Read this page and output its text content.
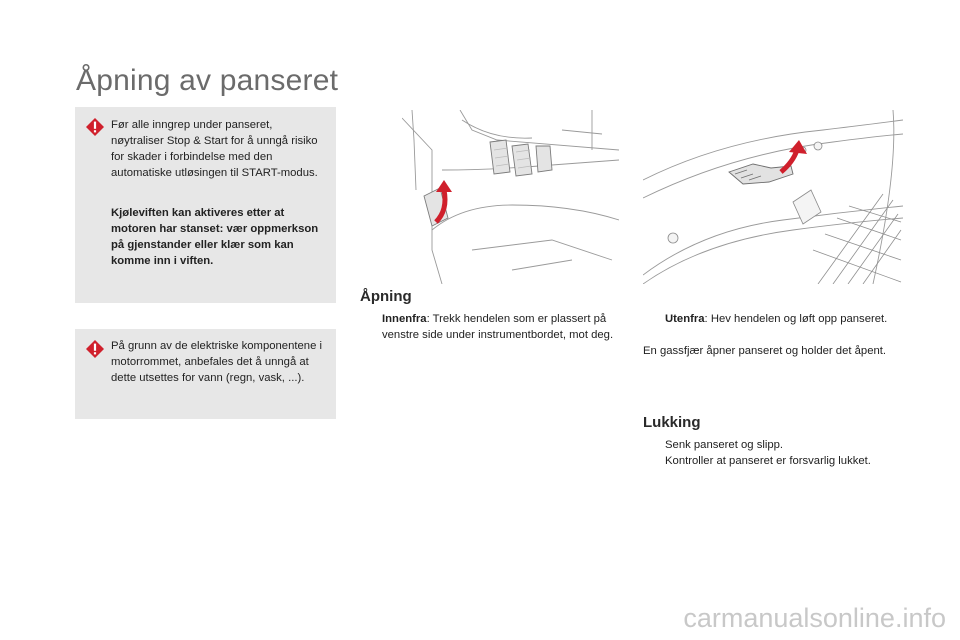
Åpning av panseret

Før alle inngrep under panseret, nøytraliser Stop & Start for å unngå risiko for skader i forbindelse med den automatiske utløsingen til START-modus.

Kjøleviften kan aktiveres etter at motoren har stanset: vær oppmerkson på gjenstander eller klær som kan komme inn i viften.

På grunn av de elektriske komponentene i motorrommet, anbefales det å unngå at dette utsettes for vann (regn, vask, ...).

Åpning
Innenfra: Trekk hendelen som er plassert på venstre side under instrumentbordet, mot deg.
Utenfra: Hev hendelen og løft opp panseret.

En gassfjær åpner panseret og holder det åpent.

Lukking
Senk panseret og slipp.
Kontroller at panseret er forsvarlig lukket.
carmanualsonline.info
